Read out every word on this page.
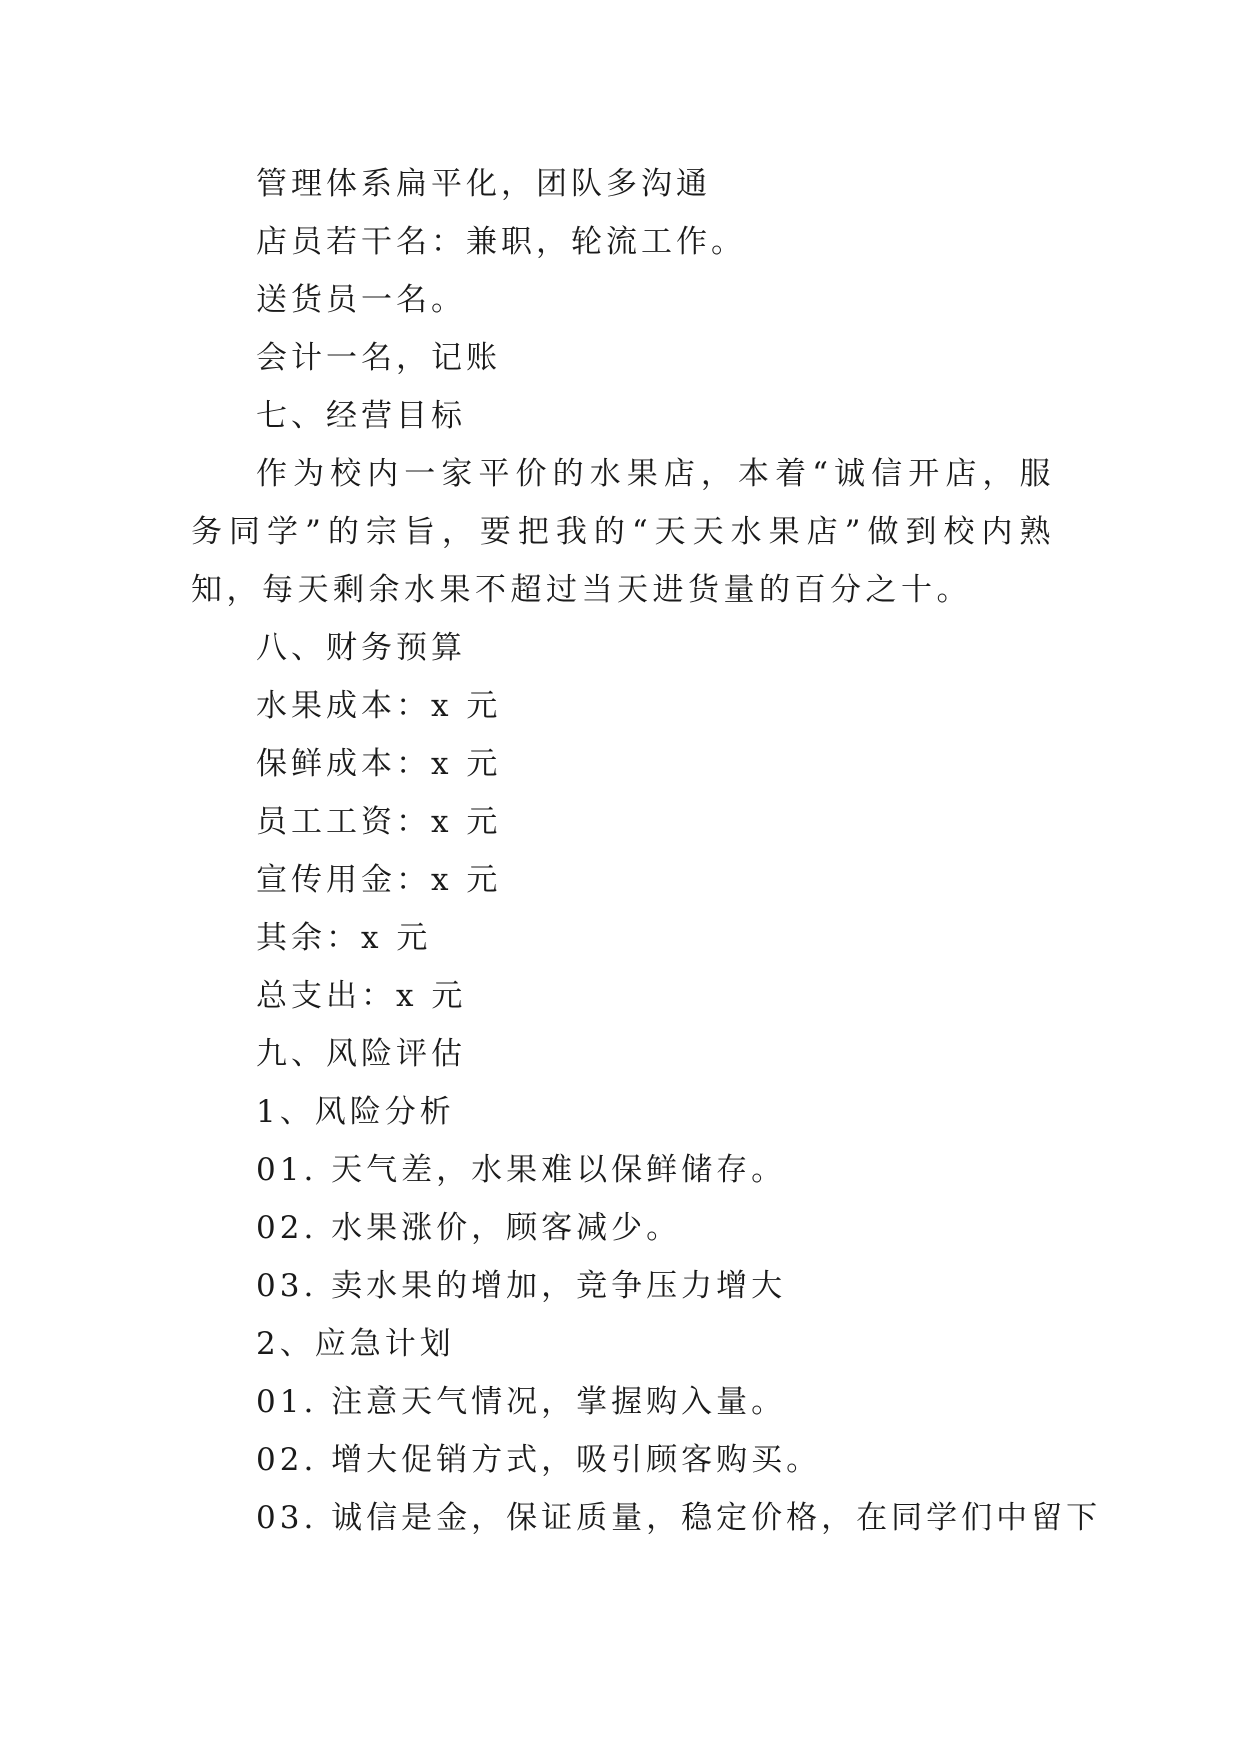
管理体系扁平化，团队多沟通

店员若干名：兼职，轮流工作。

送货员一名。

会计一名，记账

七、经营目标

作为校内一家平价的水果店，本着“诚信开店，服务同学”的宗旨，要把我的“天天水果店”做到校内熟知，每天剩余水果不超过当天进货量的百分之十。

八、财务预算

水果成本：x 元

保鲜成本：x 元

员工工资：x 元

宣传用金：x 元

其余：x 元

总支出：x 元

九、风险评估

1、风险分析

01. 天气差，水果难以保鲜储存。

02. 水果涨价，顾客减少。

03. 卖水果的增加，竞争压力增大

2、应急计划

01. 注意天气情况，掌握购入量。

02. 增大促销方式，吸引顾客购买。

03. 诚信是金，保证质量，稳定价格，在同学们中留下
